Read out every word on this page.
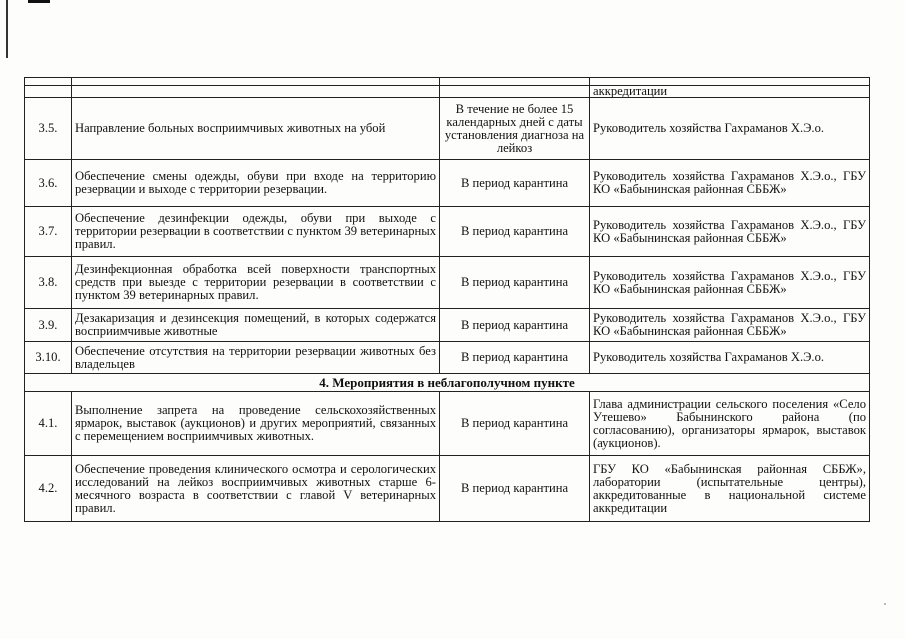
			аккредитации
3.5.	Направление больных восприимчивых животных на убой	В течение не более 15 календарных дней с даты установления диагноза на лейкоз	Руководитель хозяйства Гахраманов Х.Э.о.
3.6.	Обеспечение смены одежды, обуви при входе на территорию резервации и выходе с территории резервации.	В период карантина	Руководитель хозяйства Гахраманов Х.Э.о., ГБУ КО «Бабынинская районная СББЖ»
3.7.	Обеспечение дезинфекции одежды, обуви при выходе с территории резервации в соответствии с пунктом 39 ветеринарных правил.	В период карантина	Руководитель хозяйства Гахраманов Х.Э.о., ГБУ КО «Бабынинская районная СББЖ»
3.8.	Дезинфекционная обработка всей поверхности транспортных средств при выезде с территории резервации в соответствии с пунктом 39 ветеринарных правил.	В период карантина	Руководитель хозяйства Гахраманов Х.Э.о., ГБУ КО «Бабынинская районная СББЖ»
3.9.	Дезакаризация и дезинсекция помещений, в которых содержатся восприимчивые животные	В период карантина	Руководитель хозяйства Гахраманов Х.Э.о., ГБУ КО «Бабынинская районная СББЖ»
3.10.	Обеспечение отсутствия на территории резервации животных без владельцев	В период карантина	Руководитель хозяйства Гахраманов Х.Э.о.
4. Мероприятия в неблагополучном пункте			
4.1.	Выполнение запрета на проведение сельскохозяйственных ярмарок, выставок (аукционов) и других мероприятий, связанных с перемещением восприимчивых животных.	В период карантина	Глава администрации сельского поселения «Село Утешево» Бабынинского района (по согласованию), организаторы ярмарок, выставок (аукционов).
4.2.	Обеспечение проведения клинического осмотра и серологических исследований на лейкоз восприимчивых животных старше 6-месячного возраста в соответствии с главой V ветеринарных правил.	В период карантина	ГБУ КО «Бабынинская районная СББЖ», лаборатории (испытательные центры), аккредитованные в национальной системе аккредитации
